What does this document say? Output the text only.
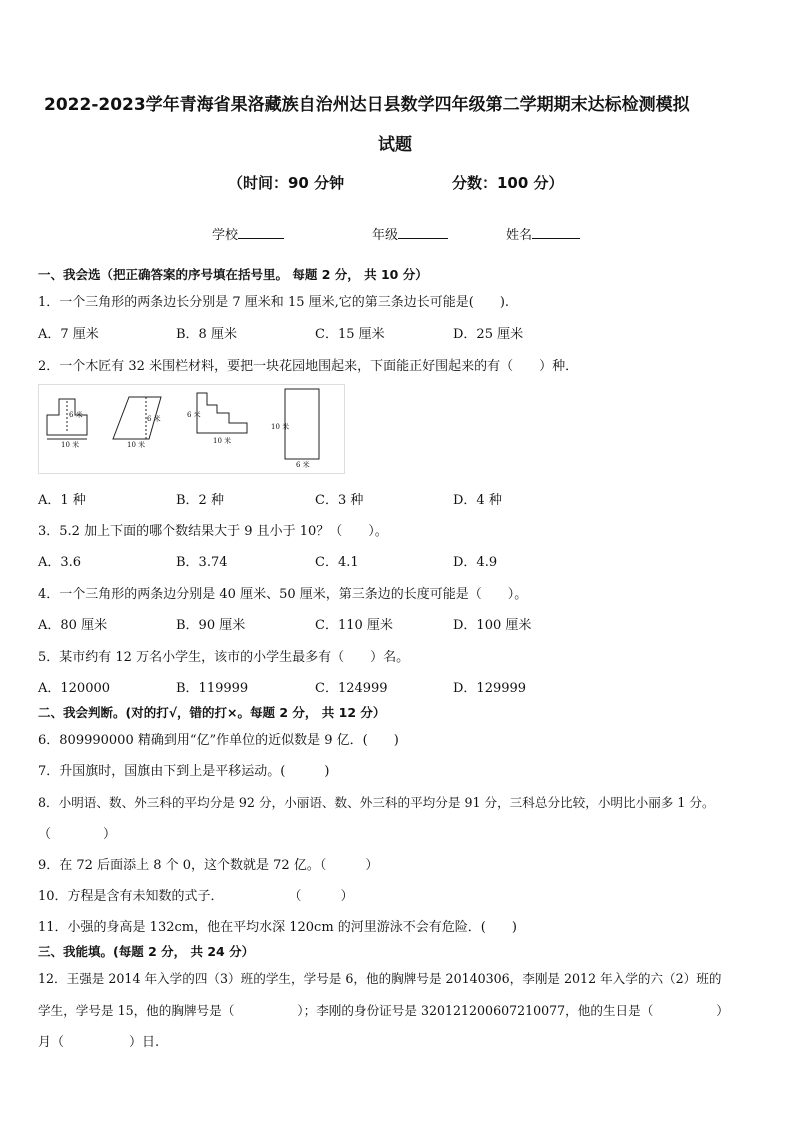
2022-2023学年青海省果洛藏族自治州达日县数学四年级第二学期期末达标检测模拟
试题
（时间：90 分钟	分数：100 分）
学校	年级	姓名
一、我会选（把正确答案的序号填在括号里。 每题 2 分， 共 10 分）
1．一个三角形的两条边长分别是 7 厘米和 15 厘米,它的第三条边长可能是(　　).
A．7 厘米	B．8 厘米	C．15 厘米	D．25 厘米
2．一个木匠有 32 米围栏材料，要把一块花园地围起来，下面能正好围起来的有（　　）种．
6 米
10 米
6 米
10 米
6 米
10 米
10 米
6 米
A．1 种	B．2 种	C．3 种	D．4 种
3．5.2 加上下面的哪个数结果大于 9 且小于 10？（　　）。
A．3.6	B．3.74	C．4.1	D．4.9
4．一个三角形的两条边分别是 40 厘米、50 厘米，第三条边的长度可能是（　　）。
A．80 厘米	B．90 厘米	C．110 厘米	D．100 厘米
5．某市约有 12 万名小学生，该市的小学生最多有（　　）名。
A．120000	B．119999	C．124999	D．129999
二、我会判断。(对的打√，错的打×。每题 2 分， 共 12 分）
6．809990000 精确到用“亿”作单位的近似数是 9 亿．(　　)
7．升国旗时，国旗由下到上是平移运动。(　　　)
8．小明语、数、外三科的平均分是 92 分，小丽语、数、外三科的平均分是 91 分，三科总分比较，小明比小丽多 1 分。
（　　　　）
9．在 72 后面添上 8 个 0，这个数就是 72 亿。（　　　）
10．方程是含有未知数的式子．　　　　　　（　　　）
11．小强的身高是 132cm，他在平均水深 120cm 的河里游泳不会有危险．(　　)
三、我能填。(每题 2 分， 共 24 分）
12．王强是 2014 年入学的四（3）班的学生，学号是 6，他的胸牌号是 20140306，李刚是 2012 年入学的六（2）班的
学生，学号是 15，他的胸牌号是（　　　　　）；李刚的身份证号是 320121200607210077，他的生日是（　　　　　）
月（　　　　　）日.
